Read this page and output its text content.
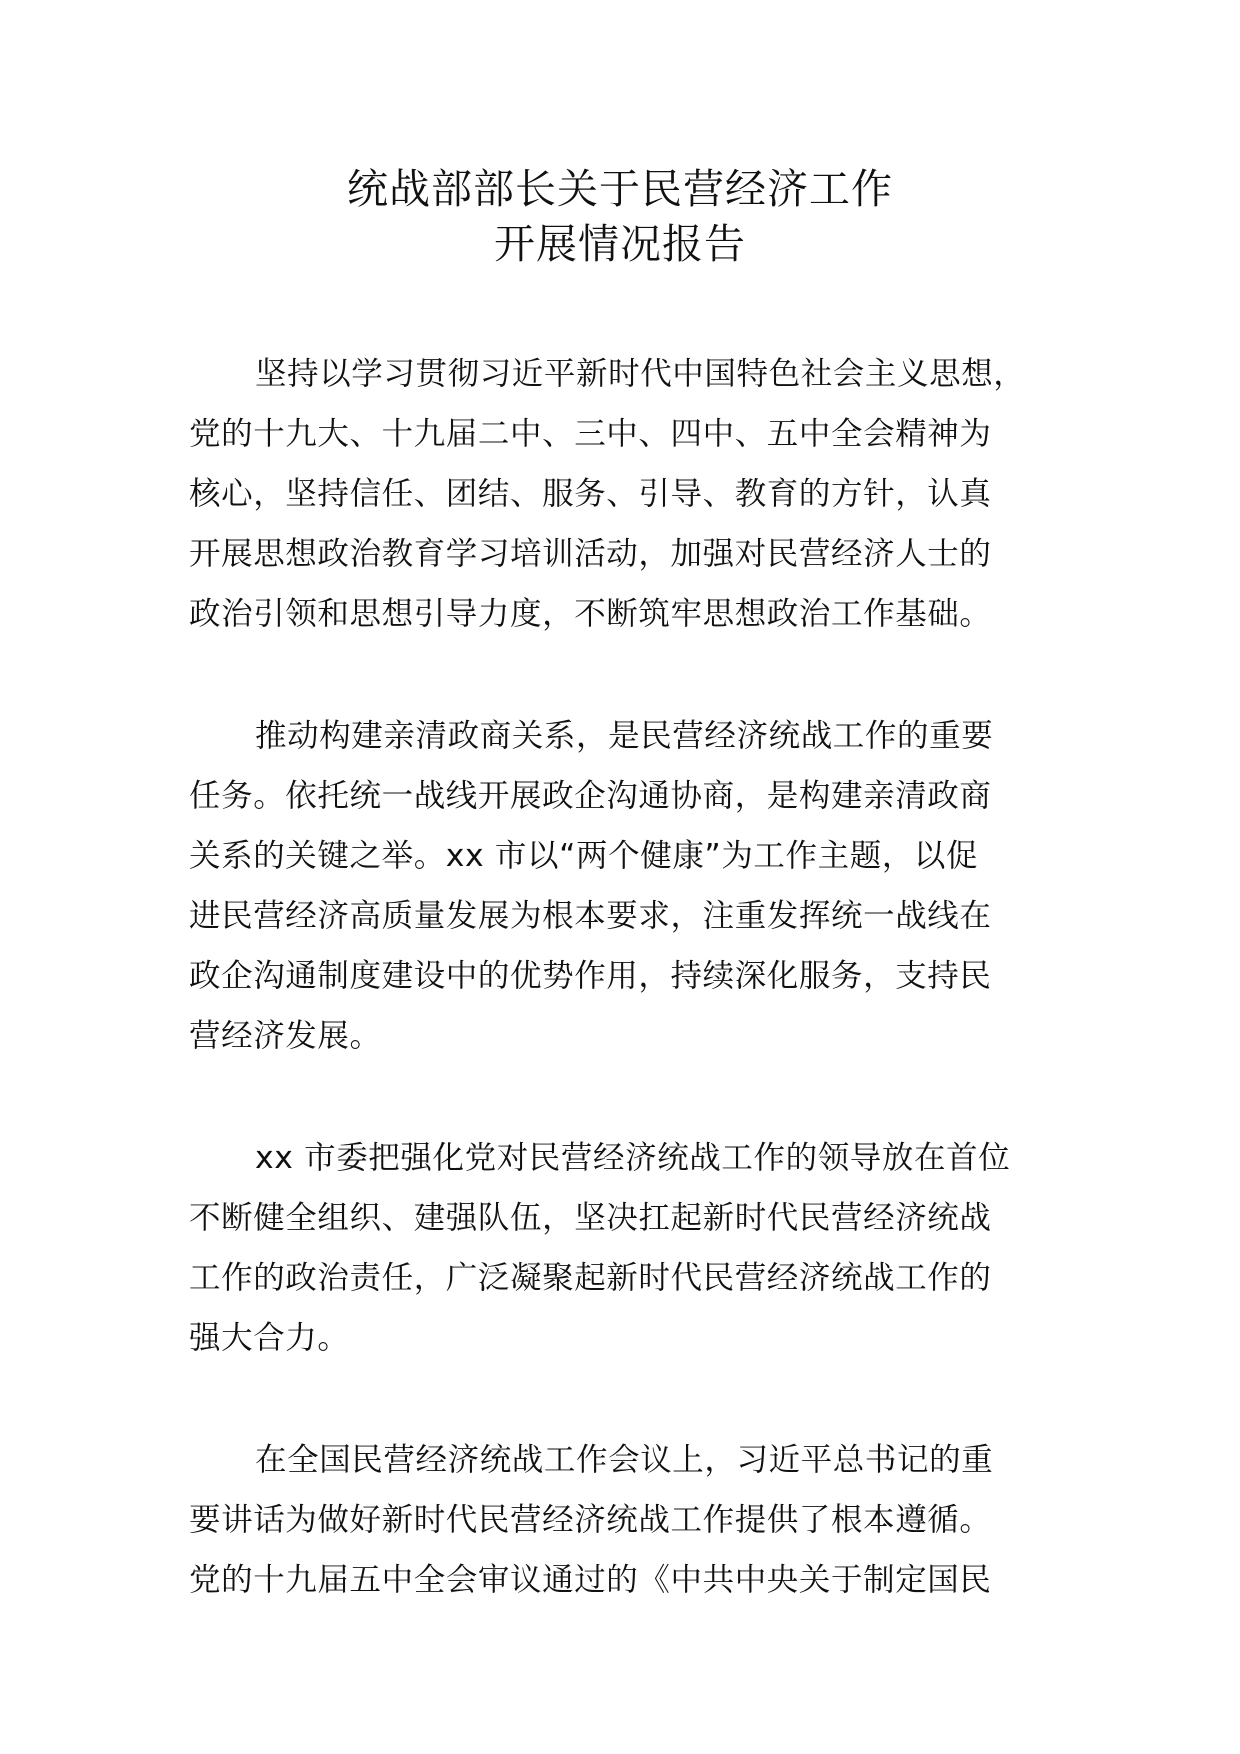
统战部部长关于民营经济工作
开展情况报告
坚持以学习贯彻习近平新时代中国特色社会主义思想，
党的十九大、十九届二中、三中、四中、五中全会精神为
核心，坚持信任、团结、服务、引导、教育的方针，认真
开展思想政治教育学习培训活动，加强对民营经济人士的
政治引领和思想引导力度，不断筑牢思想政治工作基础。
推动构建亲清政商关系，是民营经济统战工作的重要
任务。依托统一战线开展政企沟通协商，是构建亲清政商
关系的关键之举。xx 市以“两个健康”为工作主题，以促
进民营经济高质量发展为根本要求，注重发挥统一战线在
政企沟通制度建设中的优势作用，持续深化服务，支持民
营经济发展。
xx 市委把强化党对民营经济统战工作的领导放在首位
不断健全组织、建强队伍，坚决扛起新时代民营经济统战
工作的政治责任，广泛凝聚起新时代民营经济统战工作的
强大合力。
在全国民营经济统战工作会议上，习近平总书记的重
要讲话为做好新时代民营经济统战工作提供了根本遵循。
党的十九届五中全会审议通过的《中共中央关于制定国民
